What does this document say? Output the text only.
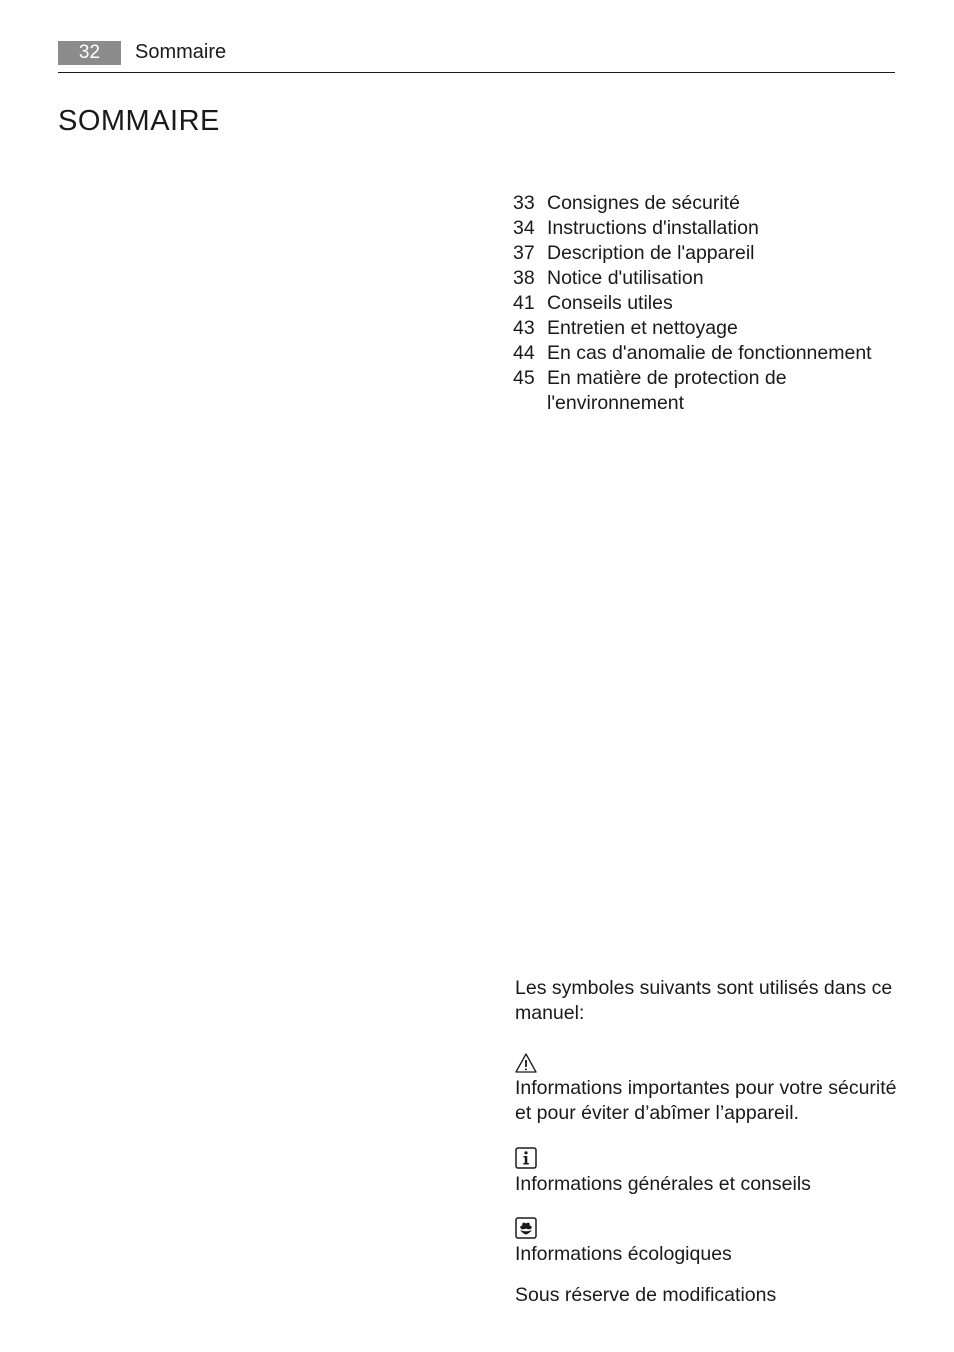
32	Sommaire
SOMMAIRE
33 Consignes de sécurité
34 Instructions d'installation
37 Description de l'appareil
38 Notice d'utilisation
41 Conseils utiles
43 Entretien et nettoyage
44 En cas d'anomalie de fonctionnement
45 En matière de protection de l'environnement

Les symboles suivants sont utilisés dans ce manuel:

Informations importantes pour votre sécurité et pour éviter d’abîmer l’appareil.

Informations générales et conseils

Informations écologiques

Sous réserve de modifications
